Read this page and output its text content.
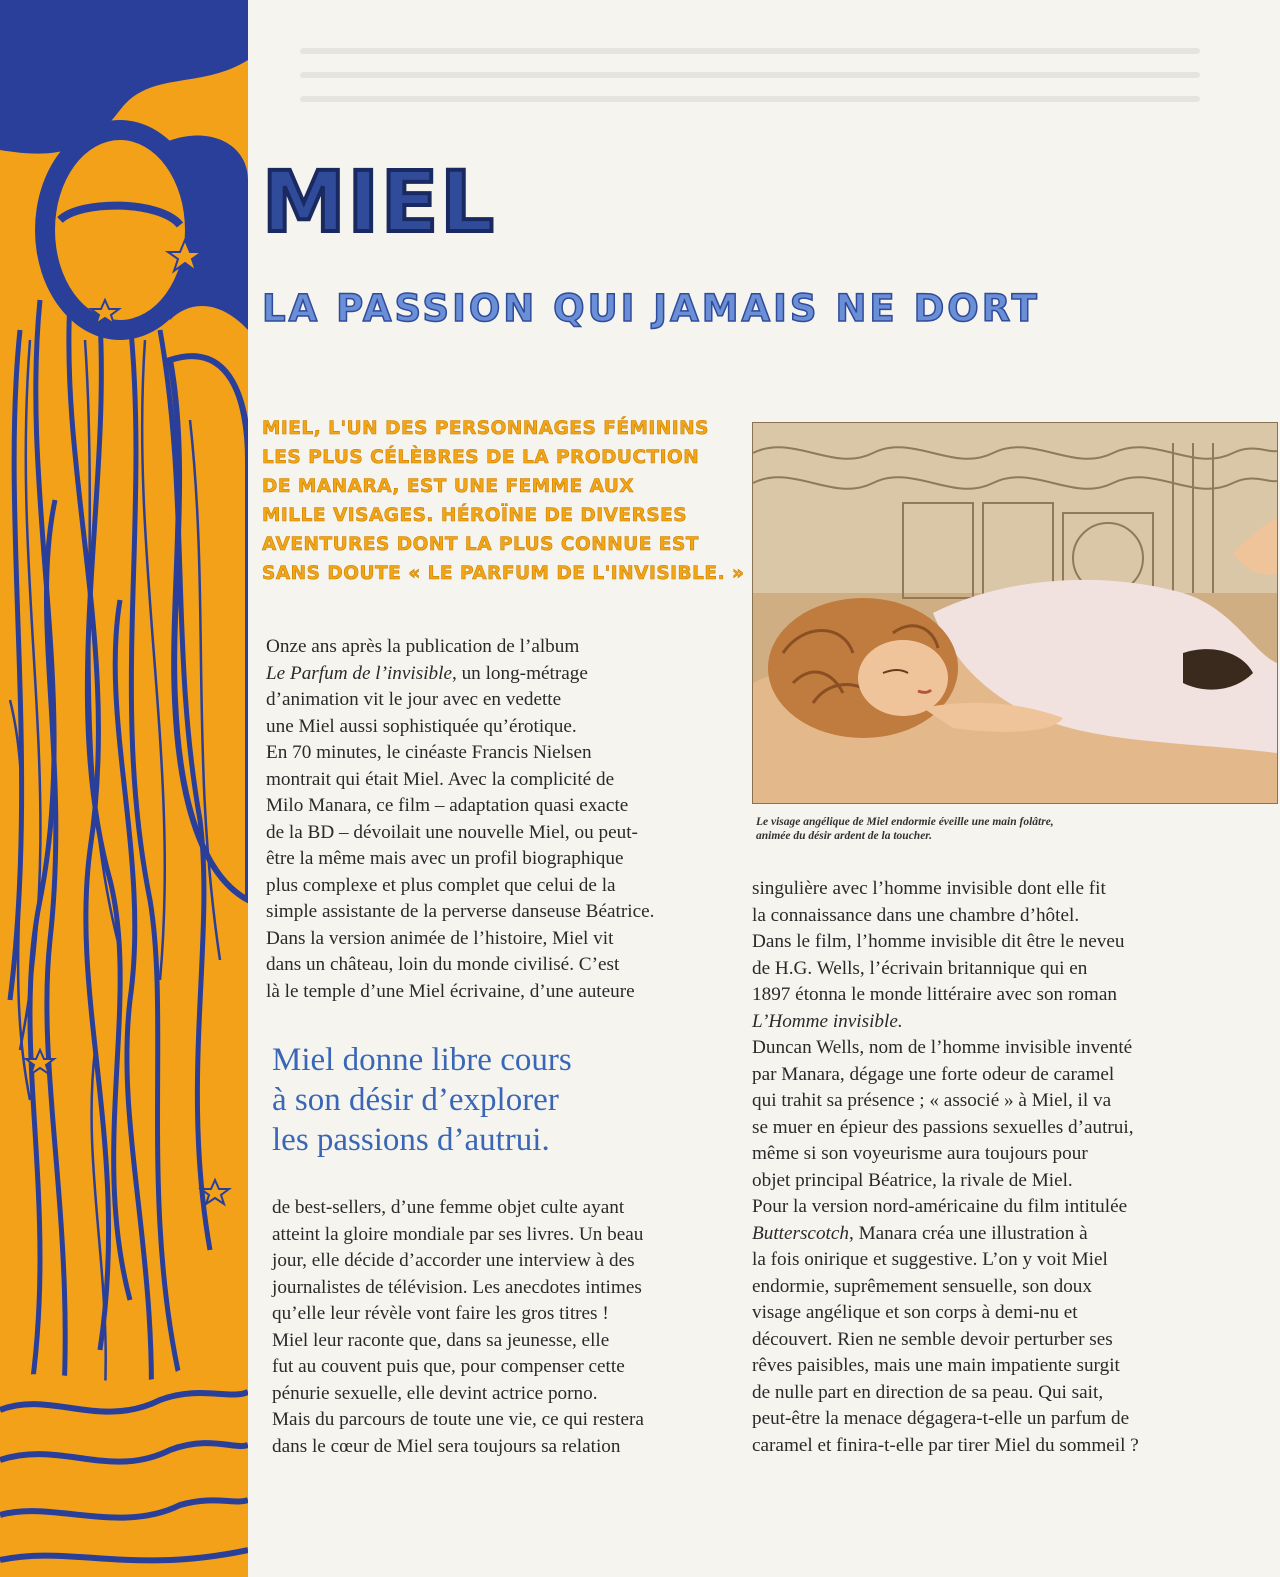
MIEL
LA PASSION QUI JAMAIS NE DORT
MIEL, L'UN DES PERSONNAGES FÉMININS
LES PLUS CÉLÈBRES DE LA PRODUCTION
DE MANARA, EST UNE FEMME AUX
MILLE VISAGES. HÉROÏNE DE DIVERSES
AVENTURES DONT LA PLUS CONNUE EST
SANS DOUTE « LE PARFUM DE L'INVISIBLE. »
Onze ans après la publication de l’album
Le Parfum de l’invisible, un long-métrage
d’animation vit le jour avec en vedette
une Miel aussi sophistiquée qu’érotique.
En 70 minutes, le cinéaste Francis Nielsen
montrait qui était Miel. Avec la complicité de
Milo Manara, ce film – adaptation quasi exacte
de la BD – dévoilait une nouvelle Miel, ou peut-
être la même mais avec un profil biographique
plus complexe et plus complet que celui de la
simple assistante de la perverse danseuse Béatrice.
Dans la version animée de l’histoire, Miel vit
dans un château, loin du monde civilisé. C’est
là le temple d’une Miel écrivaine, d’une auteure
Miel donne libre cours
à son désir d’explorer
les passions d’autrui.
de best-sellers, d’une femme objet culte ayant
atteint la gloire mondiale par ses livres. Un beau
jour, elle décide d’accorder une interview à des
journalistes de télévision. Les anecdotes intimes
qu’elle leur révèle vont faire les gros titres !
Miel leur raconte que, dans sa jeunesse, elle
fut au couvent puis que, pour compenser cette
pénurie sexuelle, elle devint actrice porno.
Mais du parcours de toute une vie, ce qui restera
dans le cœur de Miel sera toujours sa relation
Le visage angélique de Miel endormie éveille une main folâtre,
animée du désir ardent de la toucher.
singulière avec l’homme invisible dont elle fit
la connaissance dans une chambre d’hôtel.
Dans le film, l’homme invisible dit être le neveu
de H.G. Wells, l’écrivain britannique qui en
1897 étonna le monde littéraire avec son roman
L’Homme invisible.
Duncan Wells, nom de l’homme invisible inventé
par Manara, dégage une forte odeur de caramel
qui trahit sa présence ; « associé » à Miel, il va
se muer en épieur des passions sexuelles d’autrui,
même si son voyeurisme aura toujours pour
objet principal Béatrice, la rivale de Miel.
Pour la version nord-américaine du film intitulée
Butterscotch, Manara créa une illustration à
la fois onirique et suggestive. L’on y voit Miel
endormie, suprêmement sensuelle, son doux
visage angélique et son corps à demi-nu et
découvert. Rien ne semble devoir perturber ses
rêves paisibles, mais une main impatiente surgit
de nulle part en direction de sa peau. Qui sait,
peut-être la menace dégagera-t-elle un parfum de
caramel et finira-t-elle par tirer Miel du sommeil ?
